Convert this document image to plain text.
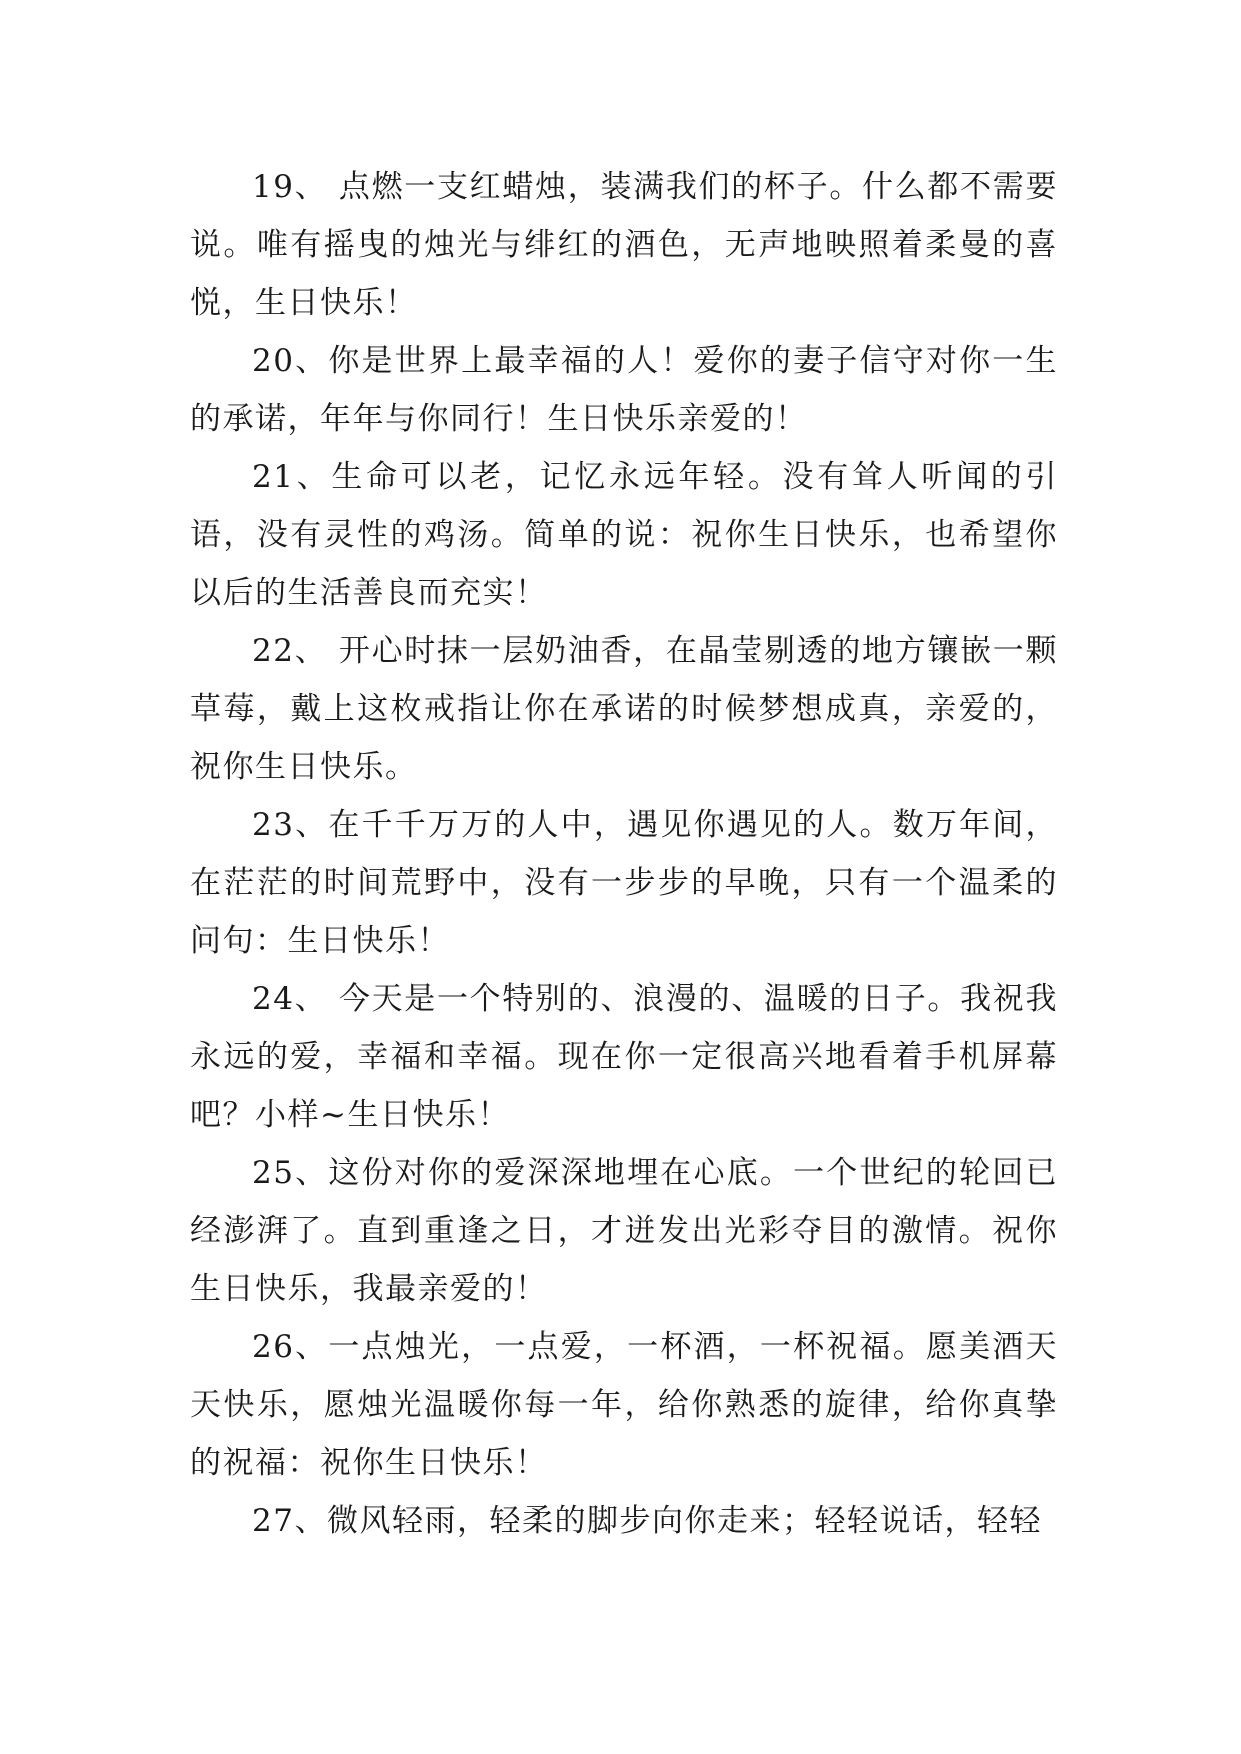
19、 点燃一支红蜡烛，装满我们的杯子。什么都不需要说。唯有摇曳的烛光与绯红的酒色，无声地映照着柔曼的喜悦，生日快乐！

20、你是世界上最幸福的人！爱你的妻子信守对你一生的承诺，年年与你同行！生日快乐亲爱的！

21、生命可以老，记忆永远年轻。没有耸人听闻的引语，没有灵性的鸡汤。简单的说：祝你生日快乐，也希望你以后的生活善良而充实！

22、 开心时抹一层奶油香，在晶莹剔透的地方镶嵌一颗草莓，戴上这枚戒指让你在承诺的时候梦想成真，亲爱的，祝你生日快乐。

23、在千千万万的人中，遇见你遇见的人。数万年间，在茫茫的时间荒野中，没有一步步的早晚，只有一个温柔的问句：生日快乐！

24、 今天是一个特别的、浪漫的、温暖的日子。我祝我永远的爱，幸福和幸福。现在你一定很高兴地看着手机屏幕吧？小样~生日快乐！

25、这份对你的爱深深地埋在心底。一个世纪的轮回已经澎湃了。直到重逢之日，才迸发出光彩夺目的激情。祝你生日快乐，我最亲爱的！

26、一点烛光，一点爱，一杯酒，一杯祝福。愿美酒天天快乐，愿烛光温暖你每一年，给你熟悉的旋律，给你真挚的祝福：祝你生日快乐！

27、微风轻雨，轻柔的脚步向你走来；轻轻说话，轻轻
